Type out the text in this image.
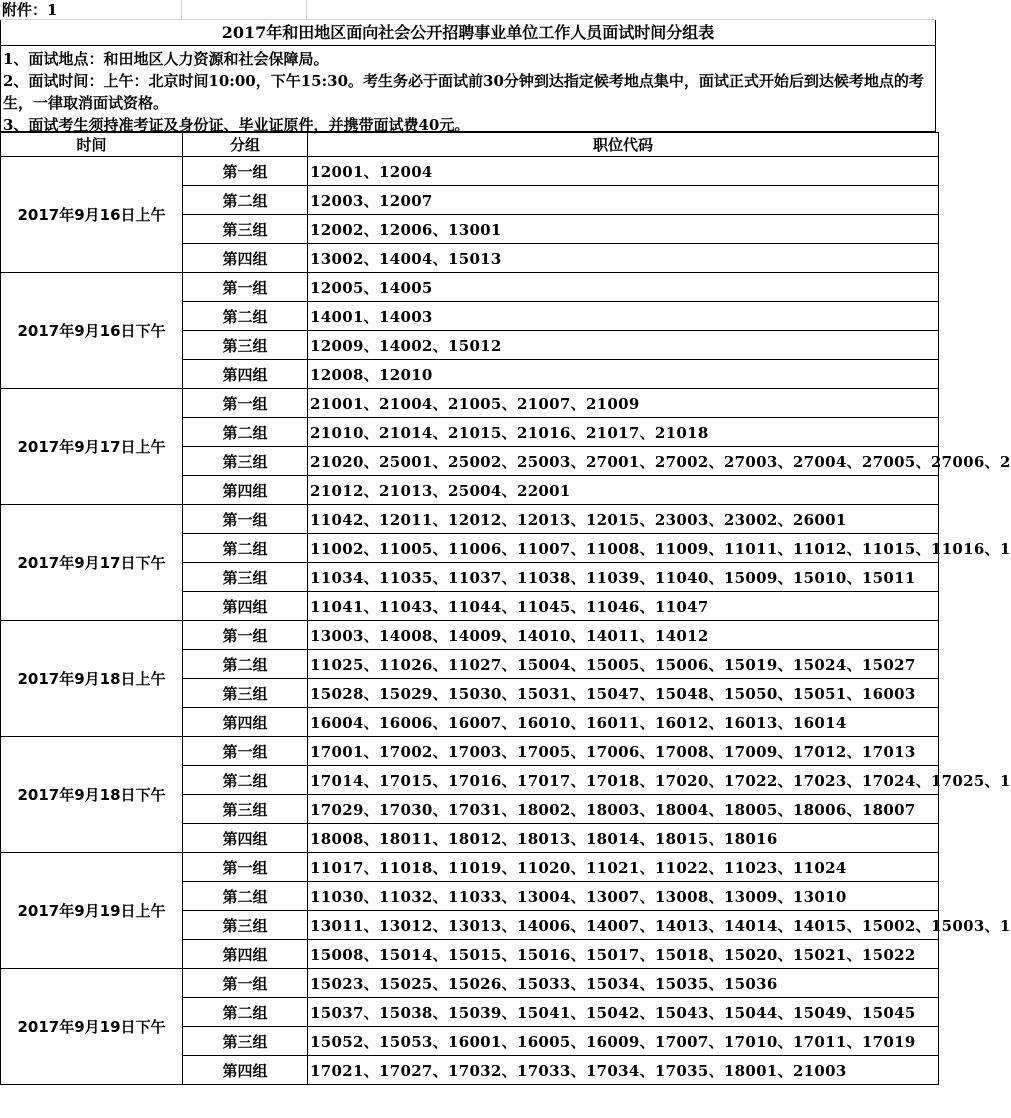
附件：1
2017年和田地区面向社会公开招聘事业单位工作人员面试时间分组表
1、面试地点：和田地区人力资源和社会保障局。
2、面试时间：上午：北京时间10:00，下午15:30。考生务必于面试前30分钟到达指定候考地点集中，面试正式开始后到达候考地点的考生，一律取消面试资格。
3、面试考生须持准考证及身份证、毕业证原件，并携带面试费40元。
时间	分组	职位代码
2017年9月16日上午	第一组	12001、12004
	第二组	12003、12007
	第三组	12002、12006、13001
	第四组	13002、14004、15013
2017年9月16日下午	第一组	12005、14005
	第二组	14001、14003
	第三组	12009、14002、15012
	第四组	12008、12010
2017年9月17日上午	第一组	21001、21004、21005、21007、21009
	第二组	21010、21014、21015、21016、21017、21018
	第三组	21020、25001、25002、25003、27001、27002、27003、27004、27005、27006、2
	第四组	21012、21013、25004、22001
2017年9月17日下午	第一组	11042、12011、12012、12013、12015、23003、23002、26001
	第二组	11002、11005、11006、11007、11008、11009、11011、11012、11015、11016、1
	第三组	11034、11035、11037、11038、11039、11040、15009、15010、15011
	第四组	11041、11043、11044、11045、11046、11047
2017年9月18日上午	第一组	13003、14008、14009、14010、14011、14012
	第二组	11025、11026、11027、15004、15005、15006、15019、15024、15027
	第三组	15028、15029、15030、15031、15047、15048、15050、15051、16003
	第四组	16004、16006、16007、16010、16011、16012、16013、16014
2017年9月18日下午	第一组	17001、17002、17003、17005、17006、17008、17009、17012、17013
	第二组	17014、17015、17016、17017、17018、17020、17022、17023、17024、17025、1
	第三组	17029、17030、17031、18002、18003、18004、18005、18006、18007
	第四组	18008、18011、18012、18013、18014、18015、18016
2017年9月19日上午	第一组	11017、11018、11019、11020、11021、11022、11023、11024
	第二组	11030、11032、11033、13004、13007、13008、13009、13010
	第三组	13011、13012、13013、14006、14007、14013、14014、14015、15002、15003、1
	第四组	15008、15014、15015、15016、15017、15018、15020、15021、15022
2017年9月19日下午	第一组	15023、15025、15026、15033、15034、15035、15036
	第二组	15037、15038、15039、15041、15042、15043、15044、15049、15045
	第三组	15052、15053、16001、16005、16009、17007、17010、17011、17019
	第四组	17021、17027、17032、17033、17034、17035、18001、21003
